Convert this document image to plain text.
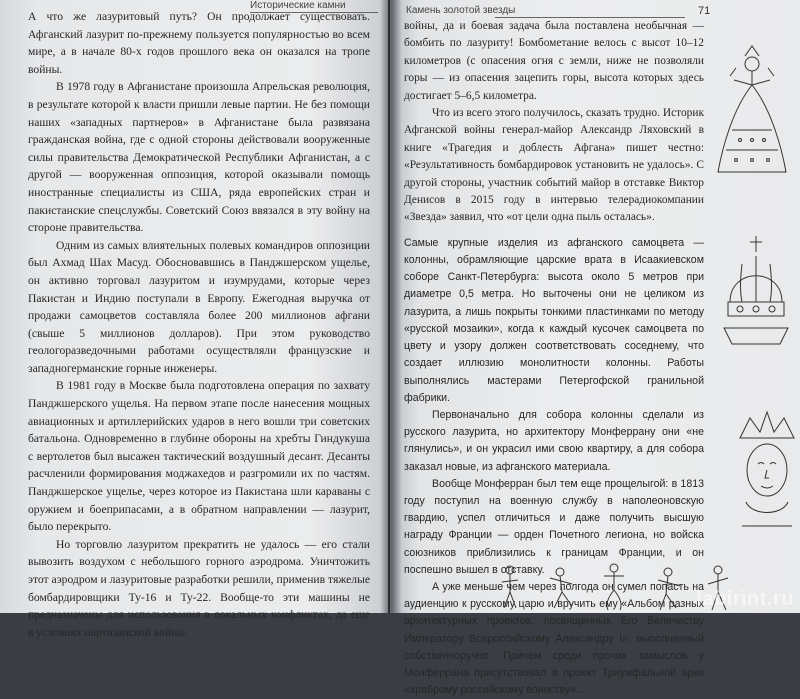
Исторические камни

А что же лазуритовый путь? Он продолжает существовать. Афганский лазурит по-прежнему пользуется популярностью во всем мире, а в начале 80-х годов прошлого века он оказался на тропе войны.

В 1978 году в Афганистане произошла Апрельская революция, в результате которой к власти пришли левые партии. Не без помощи наших «западных партнеров» в Афганистане была развязана гражданская война, где с одной стороны действовали вооруженные силы правительства Демократической Республики Афганистан, а с другой — вооруженная оппозиция, которой оказывали помощь иностранные специалисты из США, ряда европейских стран и пакистанские спецслужбы. Советский Союз ввязался в эту войну на стороне правительства.

Одним из самых влиятельных полевых командиров оппозиции был Ахмад Шах Масуд. Обосновавшись в Панджшерском ущелье, он активно торговал лазуритом и изумрудами, которые через Пакистан и Индию поступали в Европу. Ежегодная выручка от продажи самоцветов составляла более 200 миллионов афгани (свыше 5 миллионов долларов). При этом руководство геологоразведочными работами осуществляли французские и западногерманские горные инженеры.

В 1981 году в Москве была подготовлена операция по захвату Панджшерского ущелья. На первом этапе после нанесения мощных авиационных и артиллерийских ударов в него вошли три советских батальона. Одновременно в глубине обороны на хребты Гиндукуша с вертолетов был высажен тактический воздушный десант. Десанты расчленили формирования моджахедов и разгромили их по частям. Панджшерское ущелье, через которое из Пакистана шли караваны с оружием и боеприпасами, а в обратном направлении — лазурит, было перекрыто.

Но торговлю лазуритом прекратить не удалось — его стали вывозить воздухом с небольшого горного аэродрома. Уничтожить этот аэродром и лазуритовые разработки решили, применив тяжелые бомбардировщики Ту-16 и Ту-22. Вообще-то эти машины не предназначены для использования в локальных конфликтах, да еще в условиях партизанской войны.

Камень золотой звезды	71

войны, да и боевая задача была поставлена необычная — бомбить по лазуриту! Бомбометание велось с высот 10–12 километров (с опасения огня с земли, ниже не позволяли горы — из опасения зацепить горы, высота которых здесь достигает 5–6,5 километра.

Что из всего этого получилось, сказать трудно. Историк Афганской войны генерал-майор Александр Ляховский в книге «Трагедия и доблесть Афгана» пишет честно: «Результативность бомбардировок установить не удалось». С другой стороны, участник событий майор в отставке Виктор Денисов в 2015 году в интервью телерадиокомпании «Звезда» заявил, что «от цели одна пыль осталась».

Самые крупные изделия из афганского самоцвета — колонны, обрамляющие царские врата в Исаакиевском соборе Санкт-Петербурга: высота около 5 метров при диаметре 0,5 метра. Но выточены они не целиком из лазурита, а лишь покрыты тонкими пластинками по методу «русской мозаики», когда к каждый кусочек самоцвета по цвету и узору должен соответствовать соседнему, что создает иллюзию монолитности колонны. Работы выполнялись мастерами Петергофской гранильной фабрики.

Первоначально для собора колонны сделали из русского лазурита, но архитектору Монферрану они «не глянулись», и он украсил ими свою квартиру, а для собора заказал новые, из афганского материала.

Вообще Монферран был тем еще прощелыгой: в 1813 году поступил на военную службу в наполеоновскую гвардию, успел отличиться и даже получить высшую награду Франции — орден Почетного легиона, но войска союзников приблизились к границам Франции, и он поспешно вышел в отставку.

А уже меньше чем через полгода он сумел попасть на аудиенцию к русскому царю и вручить ему «Альбом разных архитектурных проектов, посвященных Его Величеству Императору Всероссийскому Александру I», выполненный собственноручно. Причем среди прочих замыслов у Монферрана присутствовал и проект Триумфальной арки «храброму российскому воинству»...

labirint.ru
